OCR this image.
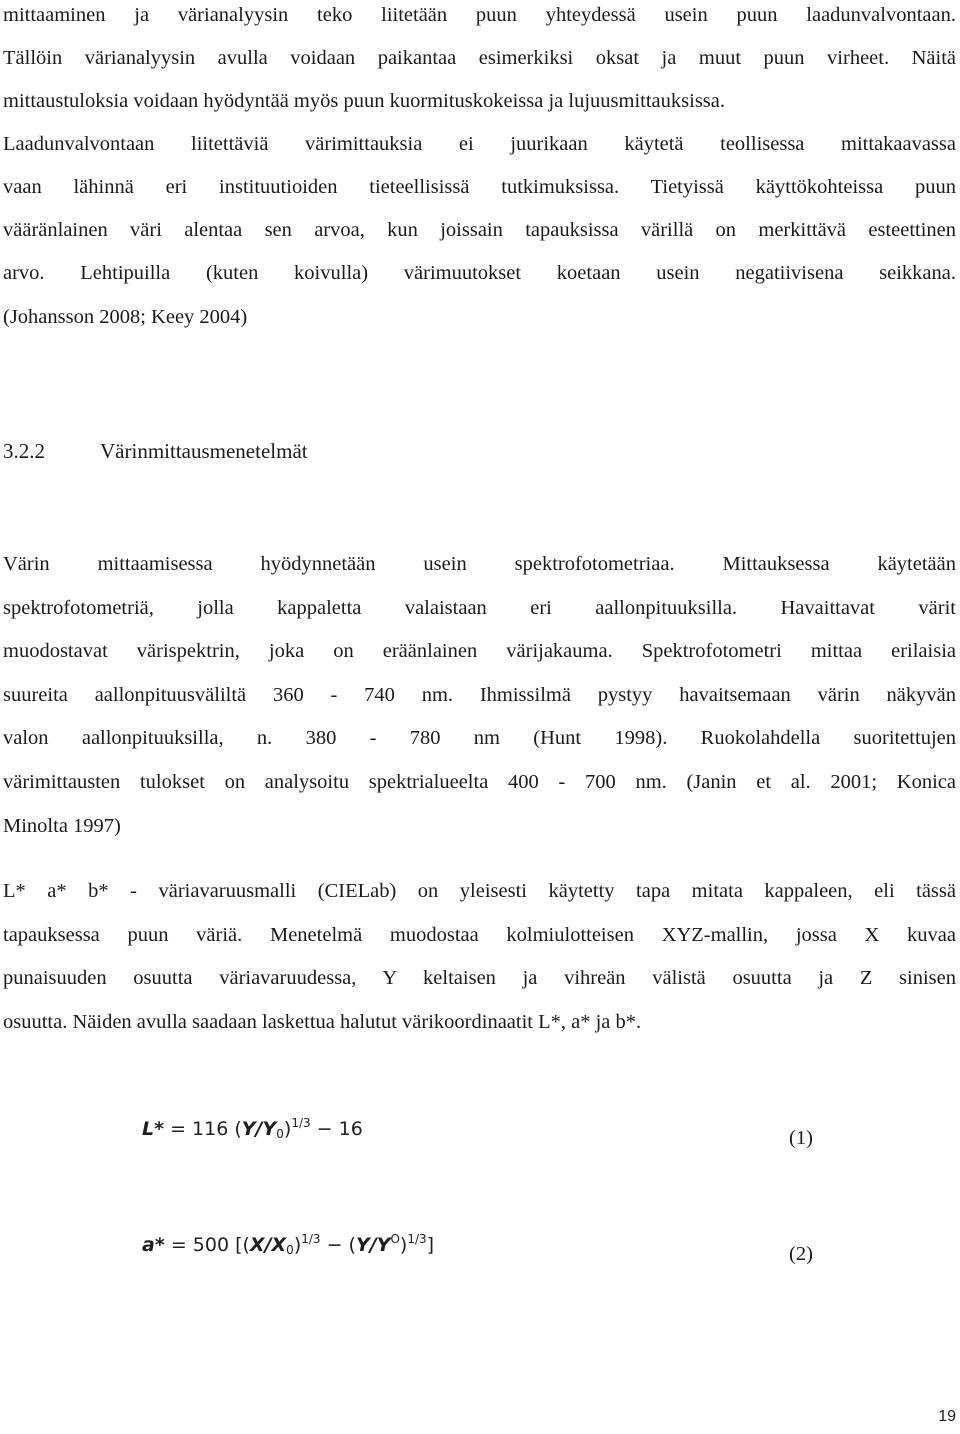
mittaaminen ja värianalyysin teko liitetään puun yhteydessä usein puun laadunvalvontaan.
Tällöin värianalyysin avulla voidaan paikantaa esimerkiksi oksat ja muut puun virheet. Näitä
mittaustuloksia voidaan hyödyntää myös puun kuormituskokeissa ja lujuusmittauksissa.
Laadunvalvontaan liitettäviä värimittauksia ei juurikaan käytetä teollisessa mittakaavassa
vaan lähinnä eri instituutioiden tieteellisissä tutkimuksissa. Tietyissä käyttökohteissa puun
vääränlainen väri alentaa sen arvoa, kun joissain tapauksissa värillä on merkittävä esteettinen
arvo. Lehtipuilla (kuten koivulla) värimuutokset koetaan usein negatiivisena seikkana.
(Johansson 2008; Keey 2004)
3.2.2	Värinmittausmenetelmät
Värin mittaamisessa hyödynnetään usein spektrofotometriaa. Mittauksessa käytetään
spektrofotometriä, jolla kappaletta valaistaan eri aallonpituuksilla. Havaittavat värit
muodostavat värispektrin, joka on eräänlainen värijakauma. Spektrofotometri mittaa erilaisia
suureita aallonpituusväliltä 360 - 740 nm. Ihmissilmä pystyy havaitsemaan värin näkyvän
valon aallonpituuksilla, n. 380 - 780 nm (Hunt 1998). Ruokolahdella suoritettujen
värimittausten tulokset on analysoitu spektrialueelta 400 - 700 nm. (Janin et al. 2001; Konica
Minolta 1997)
L* a* b* - väriavaruusmalli (CIELab) on yleisesti käytetty tapa mitata kappaleen, eli tässä
tapauksessa puun väriä. Menetelmä muodostaa kolmiulotteisen XYZ-mallin, jossa X kuvaa
punaisuuden osuutta väriavaruudessa, Y keltaisen ja vihreän välistä osuutta ja Z sinisen
osuutta. Näiden avulla saadaan laskettua halutut värikoordinaatit L*, a* ja b*.
L* = 116 $(Y/Y_0)^{1/3} - 16$	(1)
a* = 500 $[(X/X_0)^{1/3} - (Y/Y^O)^{1/3}]$	(2)
19
